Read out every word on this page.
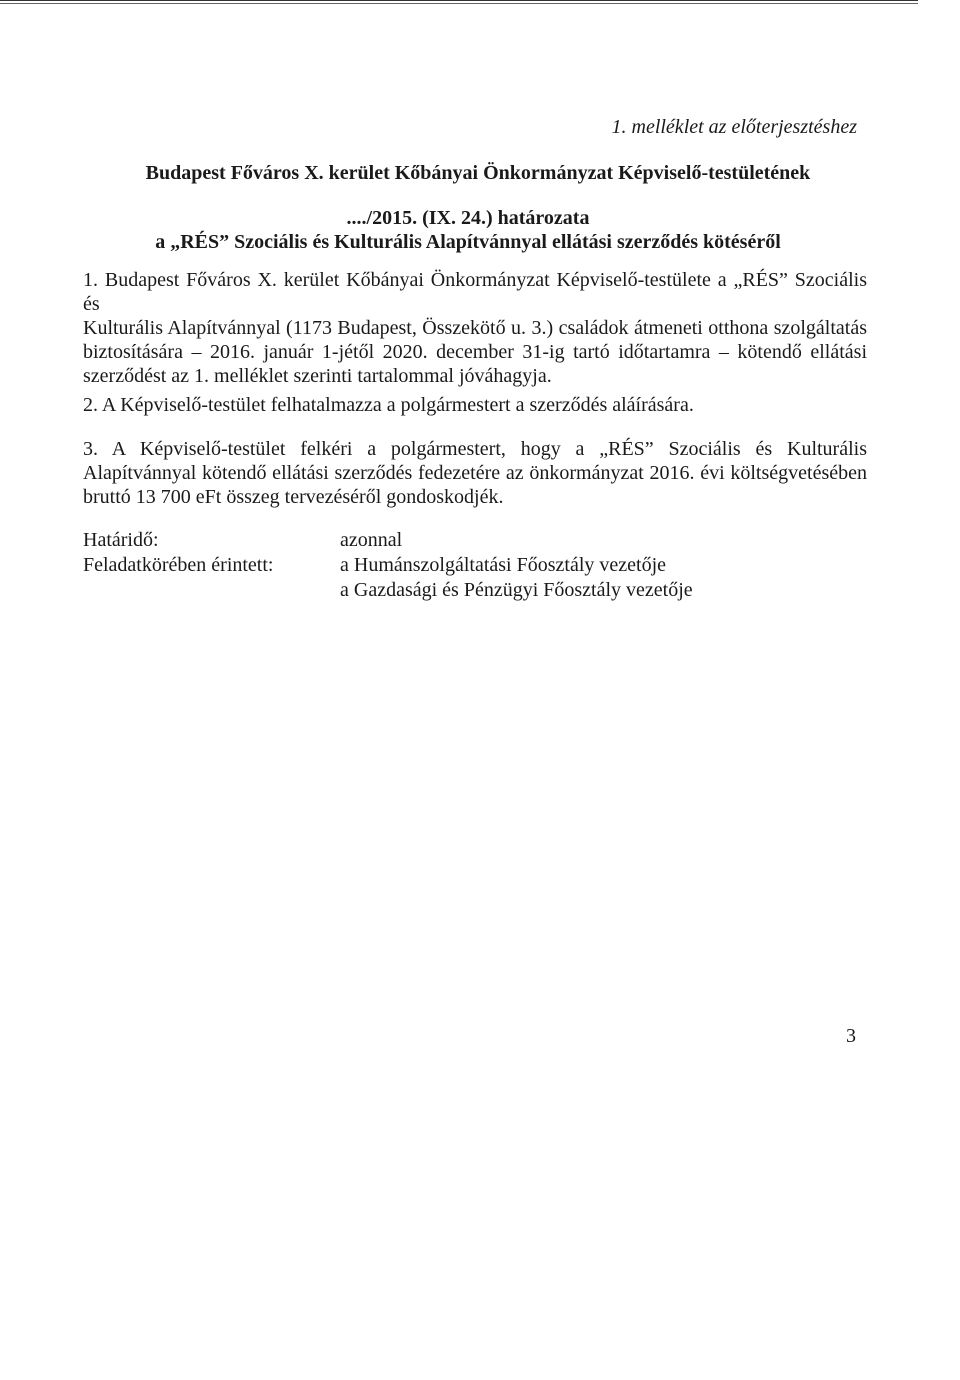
1. melléklet az előterjesztéshez
Budapest Főváros X. kerület Kőbányai Önkormányzat Képviselő-testületének
..../2015. (IX. 24.) határozata
a „RÉS” Szociális és Kulturális Alapítvánnyal ellátási szerződés kötéséről
1. Budapest Főváros X. kerület Kőbányai Önkormányzat Képviselő-testülete a „RÉS” Szociális és
Kulturális Alapítvánnyal (1173 Budapest, Összekötő u. 3.) családok átmeneti otthona szolgáltatás
biztosítására – 2016. január 1-jétől 2020. december 31-ig tartó időtartamra – kötendő ellátási
szerződést az 1. melléklet szerinti tartalommal jóváhagyja.
2. A Képviselő-testület felhatalmazza a polgármestert a szerződés aláírására.
3. A Képviselő-testület felkéri a polgármestert, hogy a „RÉS” Szociális és Kulturális
Alapítvánnyal kötendő ellátási szerződés fedezetére az önkormányzat 2016. évi költségvetésében
bruttó 13 700 eFt összeg tervezéséről gondoskodjék.
Határidő:	azonnal
Feladatkörében érintett:	a Humánszolgáltatási Főosztály vezetője
a Gazdasági és Pénzügyi Főosztály vezetője
3
